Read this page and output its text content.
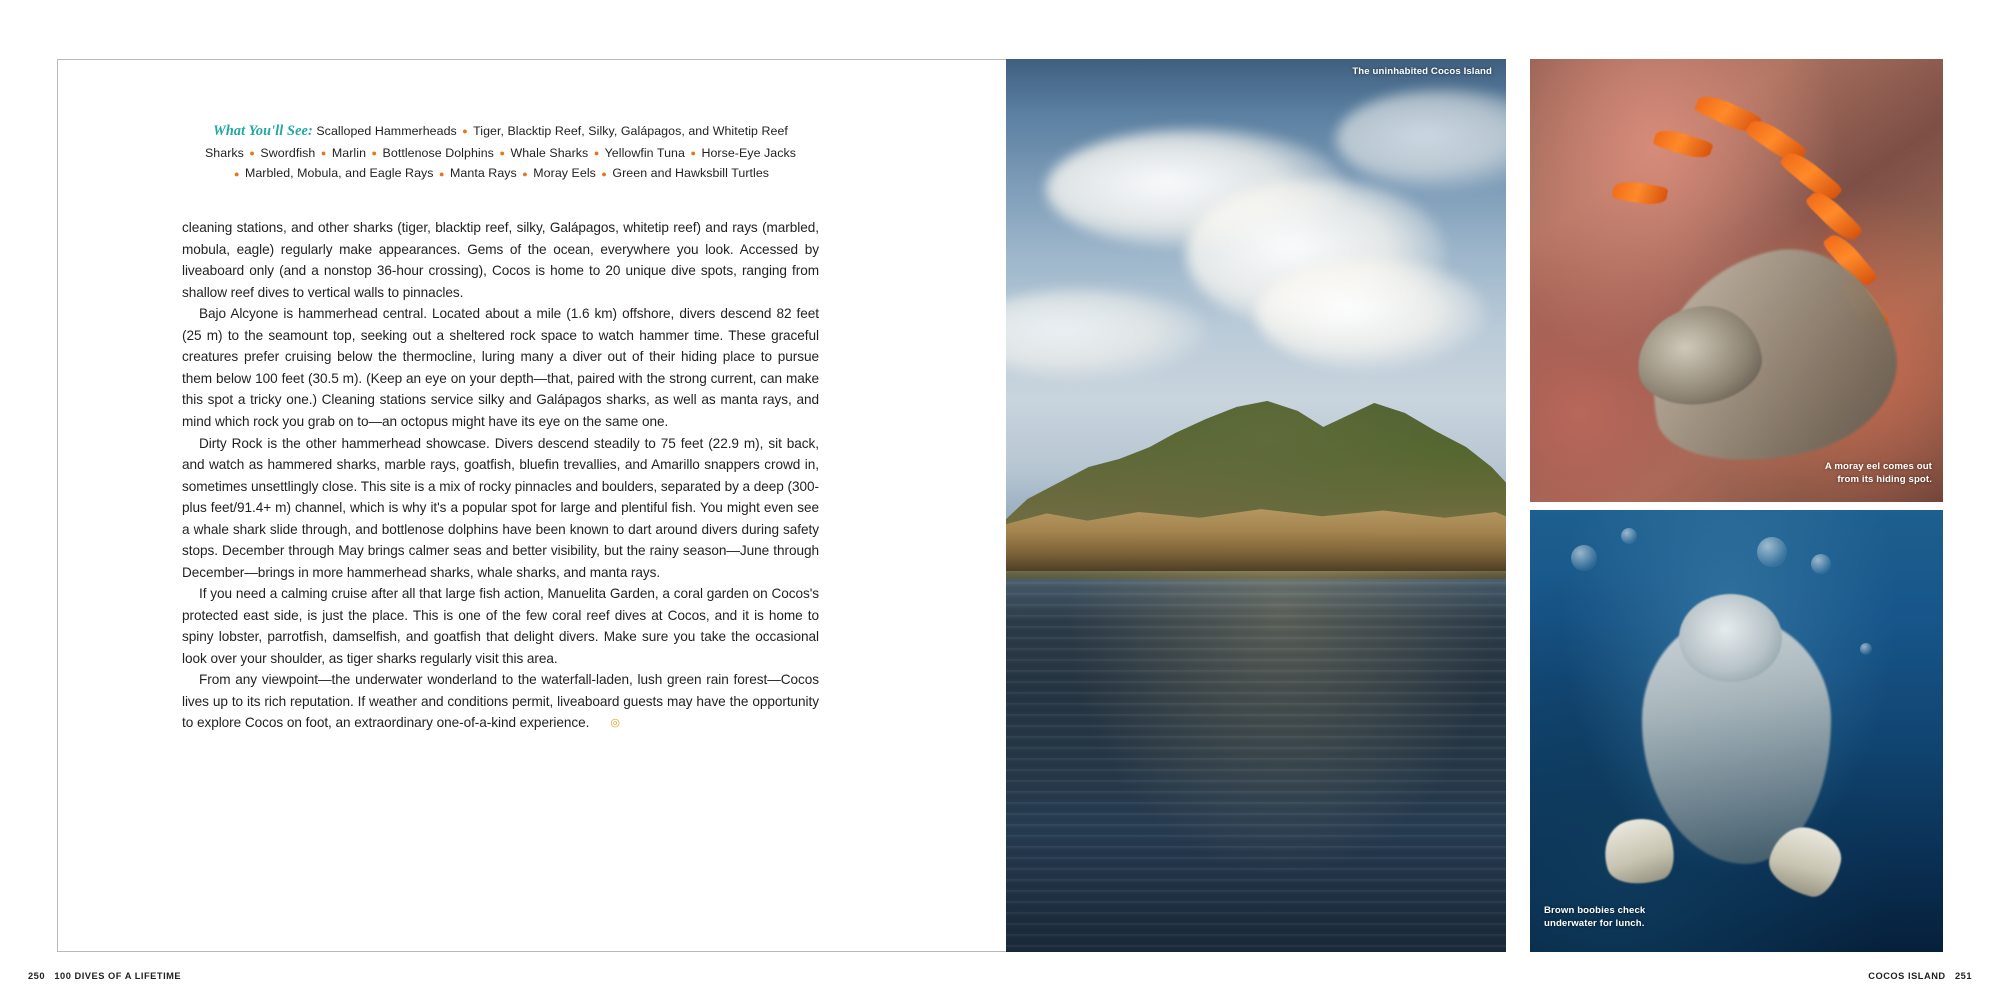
What You'll See: Scalloped Hammerheads ● Tiger, Blacktip Reef, Silky, Galápagos, and Whitetip Reef
Sharks ● Swordfish ● Marlin ● Bottlenose Dolphins ● Whale Sharks ● Yellowfin Tuna ● Horse-Eye Jacks
● Marbled, Mobula, and Eagle Rays ● Manta Rays ● Moray Eels ● Green and Hawksbill Turtles

cleaning stations, and other sharks (tiger, blacktip reef, silky, Galápagos, whitetip reef) and rays (marbled, mobula, eagle) regularly make appearances. Gems of the ocean, everywhere you look. Accessed by liveaboard only (and a nonstop 36-hour crossing), Cocos is home to 20 unique dive spots, ranging from shallow reef dives to vertical walls to pinnacles.

Bajo Alcyone is hammerhead central. Located about a mile (1.6 km) offshore, divers descend 82 feet (25 m) to the seamount top, seeking out a sheltered rock space to watch hammer time. These graceful creatures prefer cruising below the thermocline, luring many a diver out of their hiding place to pursue them below 100 feet (30.5 m). (Keep an eye on your depth—that, paired with the strong current, can make this spot a tricky one.) Cleaning stations service silky and Galápagos sharks, as well as manta rays, and mind which rock you grab on to—an octopus might have its eye on the same one.

Dirty Rock is the other hammerhead showcase. Divers descend steadily to 75 feet (22.9 m), sit back, and watch as hammered sharks, marble rays, goatfish, bluefin trevallies, and Amarillo snappers crowd in, sometimes unsettlingly close. This site is a mix of rocky pinnacles and boulders, separated by a deep (300-plus feet/91.4+ m) channel, which is why it's a popular spot for large and plentiful fish. You might even see a whale shark slide through, and bottlenose dolphins have been known to dart around divers during safety stops. December through May brings calmer seas and better visibility, but the rainy season—June through December—brings in more hammerhead sharks, whale sharks, and manta rays.

If you need a calming cruise after all that large fish action, Manuelita Garden, a coral garden on Cocos's protected east side, is just the place. This is one of the few coral reef dives at Cocos, and it is home to spiny lobster, parrotfish, damselfish, and goatfish that delight divers. Make sure you take the occasional look over your shoulder, as tiger sharks regularly visit this area.

From any viewpoint—the underwater wonderland to the waterfall-laden, lush green rain forest—Cocos lives up to its rich reputation. If weather and conditions permit, liveaboard guests may have the opportunity to explore Cocos on foot, an extraordinary one-of-a-kind experience. ◎

The uninhabited Cocos Island
A moray eel comes out
from its hiding spot.
Brown boobies check
underwater for lunch.
250 100 DIVES OF A LIFETIME	COCOS ISLAND 251
